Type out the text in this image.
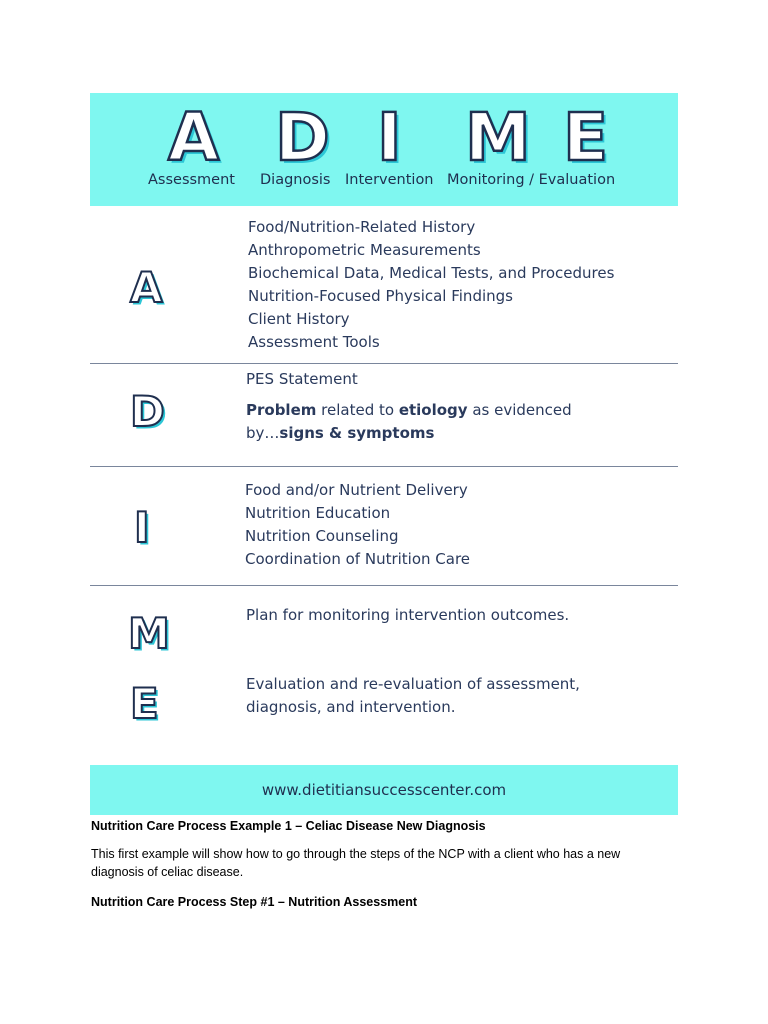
A D I M E
Assessment Diagnosis Intervention Monitoring / Evaluation
A
Food/Nutrition-Related History
Anthropometric Measurements
Biochemical Data, Medical Tests, and Procedures
Nutrition-Focused Physical Findings
Client History
Assessment Tools
D
PES Statement
Problem related to etiology as evidenced
by…signs & symptoms
I
Food and/or Nutrient Delivery
Nutrition Education
Nutrition Counseling
Coordination of Nutrition Care
M
E
Plan for monitoring intervention outcomes.
Evaluation and re-evaluation of assessment,
diagnosis, and intervention.
www.dietitiansuccesscenter.com
Nutrition Care Process Example 1 – Celiac Disease New Diagnosis
This first example will show how to go through the steps of the NCP with a client who has a new
diagnosis of celiac disease.
Nutrition Care Process Step #1 – Nutrition Assessment
